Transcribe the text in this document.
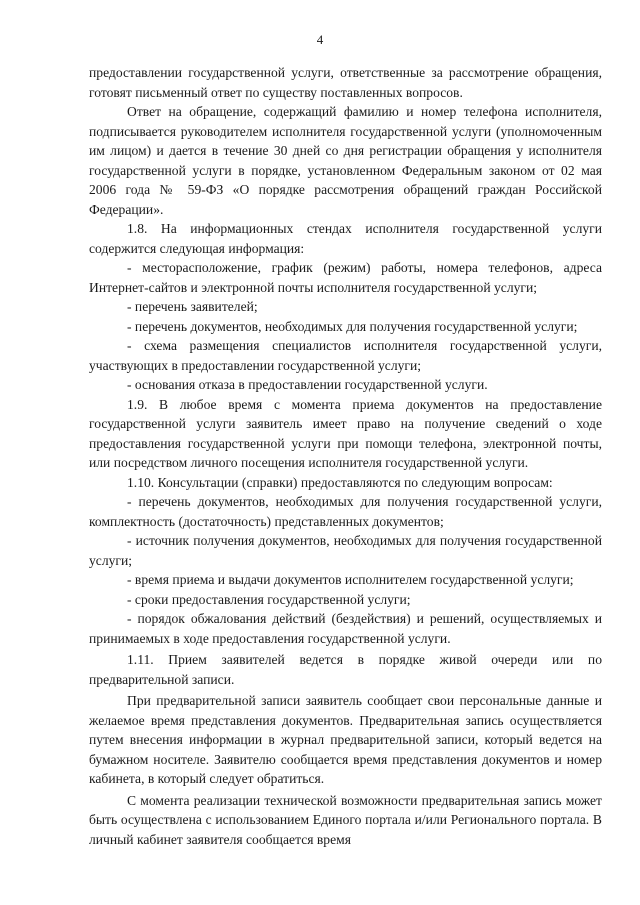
4

предоставлении государственной услуги, ответственные за рассмотрение обращения, готовят письменный ответ по существу поставленных вопросов.

Ответ на обращение, содержащий фамилию и номер телефона исполнителя, подписывается руководителем исполнителя государственной услуги (уполномоченным им лицом) и дается в течение 30 дней со дня регистрации обращения у исполнителя государственной услуги в порядке, установленном Федеральным законом от 02 мая 2006 года № 59-ФЗ «О порядке рассмотрения обращений граждан Российской Федерации».

1.8. На информационных стендах исполнителя государственной услуги содержится следующая информация:

- месторасположение, график (режим) работы, номера телефонов, адреса Интернет-сайтов и электронной почты исполнителя государственной услуги;

- перечень заявителей;

- перечень документов, необходимых для получения государственной услуги;

- схема размещения специалистов исполнителя государственной услуги, участвующих в предоставлении государственной услуги;

- основания отказа в предоставлении государственной услуги.

1.9. В любое время с момента приема документов на предоставление государственной услуги заявитель имеет право на получение сведений о ходе предоставления государственной услуги при помощи телефона, электронной почты, или посредством личного посещения исполнителя государственной услуги.

1.10. Консультации (справки) предоставляются по следующим вопросам:

- перечень документов, необходимых для получения государственной услуги, комплектность (достаточность) представленных документов;

- источник получения документов, необходимых для получения государственной услуги;

- время приема и выдачи документов исполнителем государственной услуги;

- сроки предоставления государственной услуги;

- порядок обжалования действий (бездействия) и решений, осуществляемых и принимаемых в ходе предоставления государственной услуги.

1.11. Прием заявителей ведется в порядке живой очереди или по предварительной записи.

При предварительной записи заявитель сообщает свои персональные данные и желаемое время представления документов. Предварительная запись осуществляется путем внесения информации в журнал предварительной записи, который ведется на бумажном носителе. Заявителю сообщается время представления документов и номер кабинета, в который следует обратиться.

С момента реализации технической возможности предварительная запись может быть осуществлена с использованием Единого портала и/или Регионального портала. В личный кабинет заявителя сообщается время
